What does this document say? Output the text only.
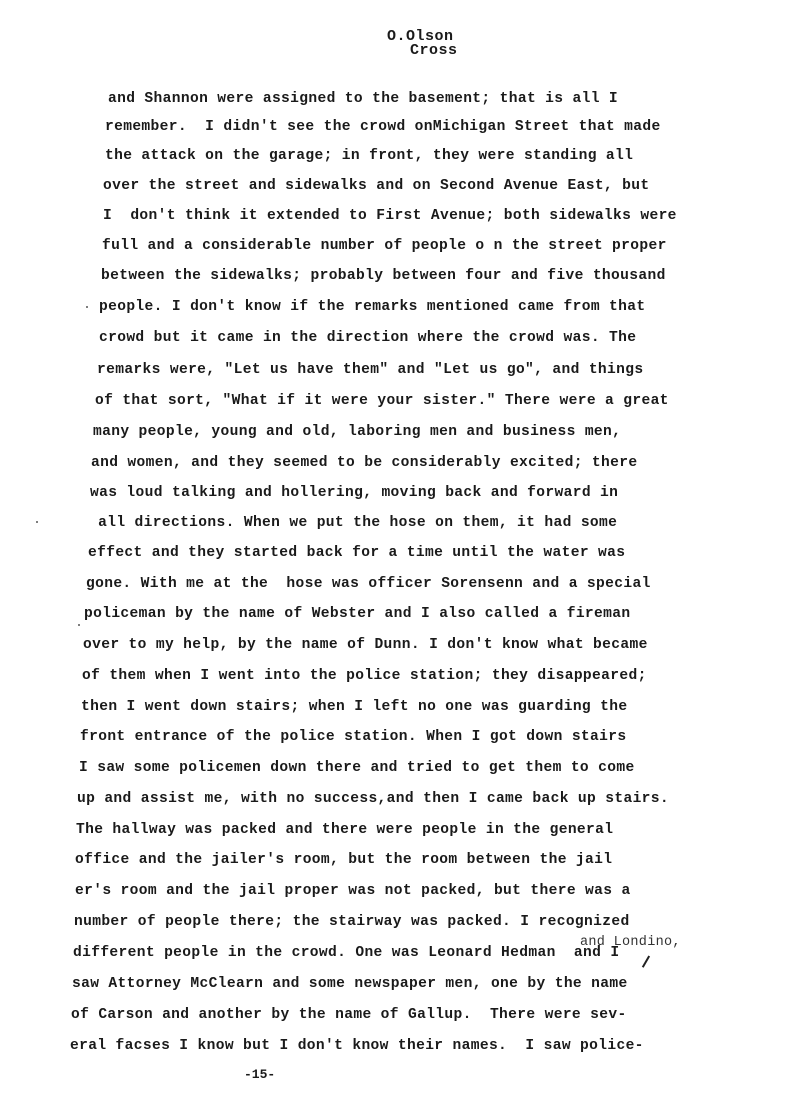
O.Olson
Cross
and Shannon were assigned to the basement; that is all I
remember.  I didn't see the crowd onMichigan Street that made
the attack on the garage; in front, they were standing all
over the street and sidewalks and on Second Avenue East, but
I  don't think it extended to First Avenue; both sidewalks were
full and a considerable number of people o n the street proper
between the sidewalks; probably between four and five thousand
people. I don't know if the remarks mentioned came from that
crowd but it came in the direction where the crowd was. The
remarks were, "Let us have them" and "Let us go", and things
of that sort, "What if it were your sister." There were a great
many people, young and old, laboring men and business men,
and women, and they seemed to be considerably excited; there
was loud talking and hollering, moving back and forward in
all directions. When we put the hose on them, it had some
effect and they started back for a time until the water was
gone. With me at the  hose was officer Sorensenn and a special
policeman by the name of Webster and I also called a fireman
over to my help, by the name of Dunn. I don't know what became
of them when I went into the police station; they disappeared;
then I went down stairs; when I left no one was guarding the
front entrance of the police station. When I got down stairs
I saw some policemen down there and tried to get them to come
up and assist me, with no success,and then I came back up stairs.
The hallway was packed and there were people in the general
office and the jailer's room, but the room between the jail
er's room and the jail proper was not packed, but there was a
number of people there; the stairway was packed. I recognized
different people in the crowd. One was Leonard Hedman  and I
saw Attorney McClearn and some newspaper men, one by the name
of Carson and another by the name of Gallup.  There were sev-
eral facses I know but I don't know their names.  I saw police-
and Londino,
-15-
